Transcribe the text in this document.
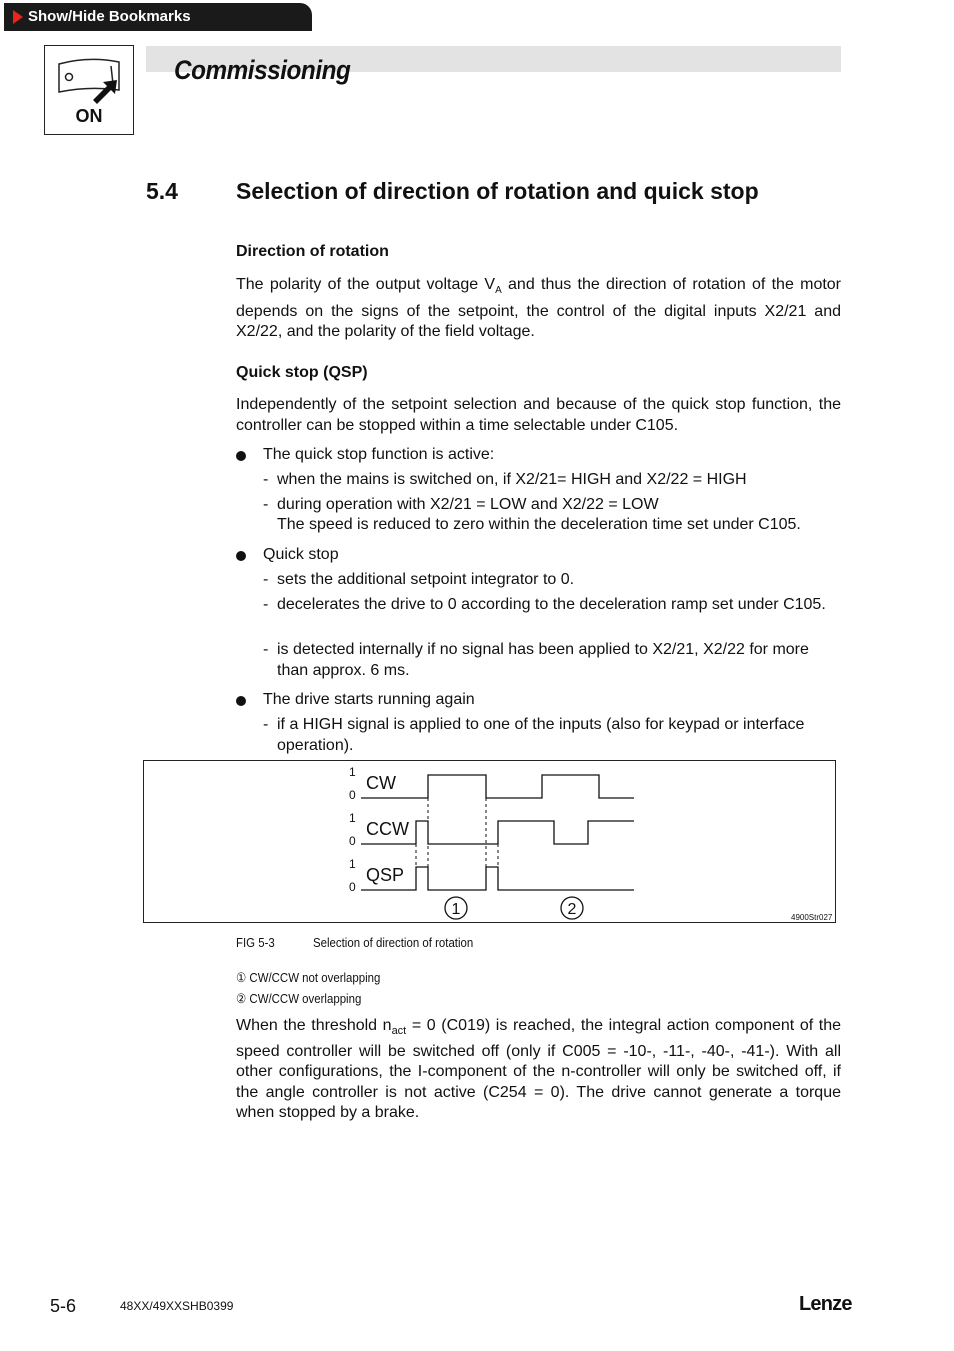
Show/Hide Bookmarks
ON
Commissioning
5.4	Selection of direction of rotation and quick stop
Direction of rotation
The polarity of the output voltage $V_A$ and thus the direction of rotation of the motor depends on the signs of the setpoint, the control of the digital inputs X2/21 and X2/22, and the polarity of the field voltage.
Quick stop (QSP)
Independently of the setpoint selection and because of the quick stop function, the controller can be stopped within a time selectable under C105.
The quick stop function is active:
- when the mains is switched on, if X2/21= HIGH and X2/22 = HIGH
- during operation with X2/21 = LOW and X2/22 = LOW
The speed is reduced to zero within the deceleration time set under C105.
Quick stop
- sets the additional setpoint integrator to 0.
- decelerates the drive to 0 according to the deceleration ramp set under C105.
- is detected internally if no signal has been applied to X2/21, X2/22 for more than approx. 6 ms.
The drive starts running again
- if a HIGH signal is applied to one of the inputs (also for keypad or interface operation).
1
0
1
0
1
0
CW
CCW
QSP
1	2	4900Str027
FIG 5-3	Selection of direction of rotation
① CW/CCW not overlapping
② CW/CCW overlapping
When the threshold $n_{act} = 0$ (C019) is reached, the integral action component of the speed controller will be switched off (only if C005 = -10-, -11-, -40-, -41-). With all other configurations, the I-component of the n-controller will only be switched off, if the angle controller is not active (C254 = 0). The drive cannot generate a torque when stopped by a brake.
5-6	48XX/49XXSHB0399	Lenze
